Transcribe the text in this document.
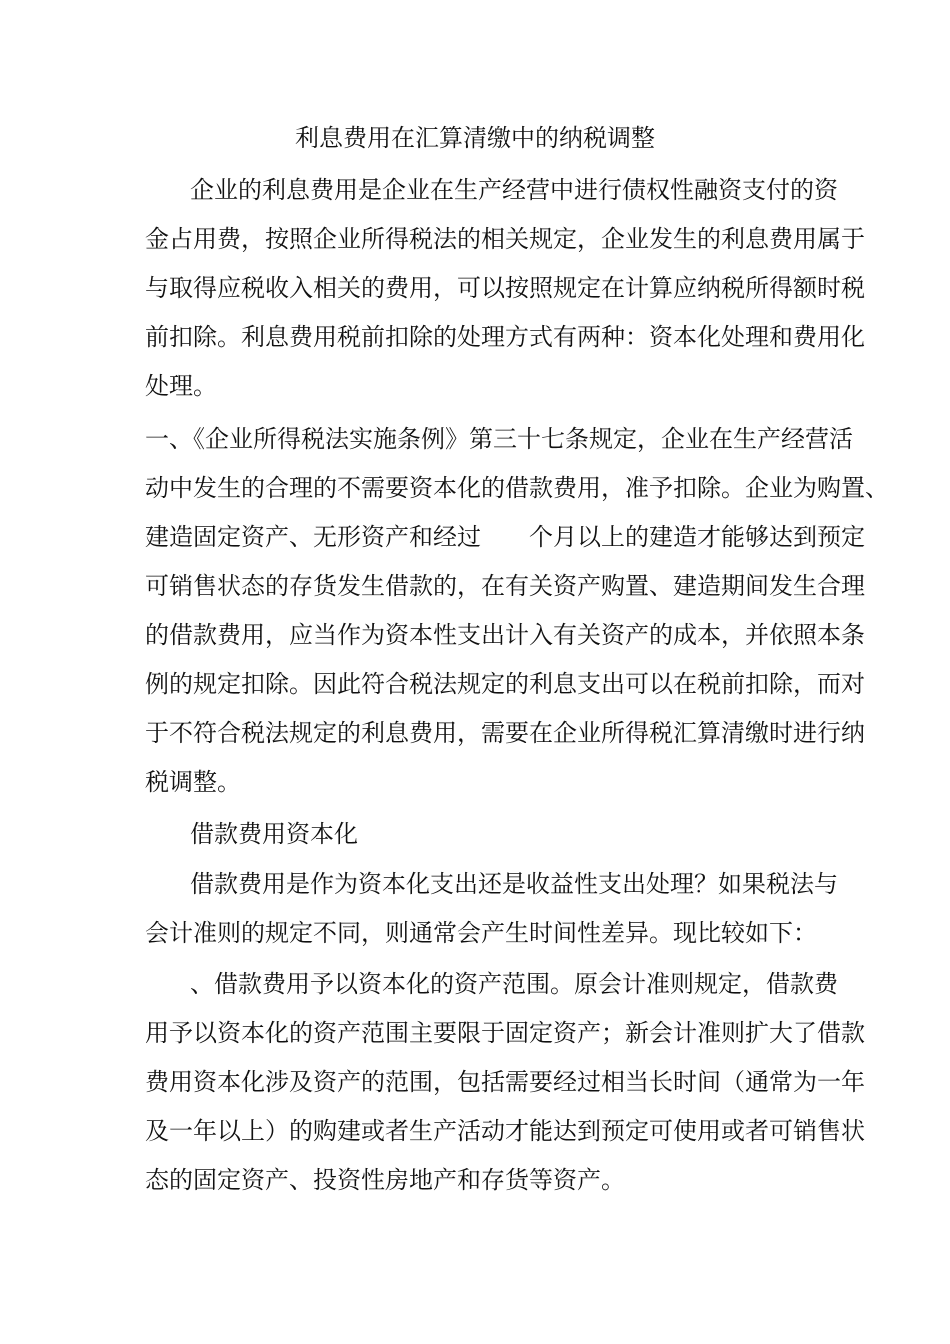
利息费用在汇算清缴中的纳税调整

企业的利息费用是企业在生产经营中进行债权性融资支付的资

金占用费，按照企业所得税法的相关规定，企业发生的利息费用属于

与取得应税收入相关的费用，可以按照规定在计算应纳税所得额时税

前扣除。利息费用税前扣除的处理方式有两种：资本化处理和费用化

处理。

一、《企业所得税法实施条例》第三十七条规定，企业在生产经营活

动中发生的合理的不需要资本化的借款费用，准予扣除。企业为购置、

建造固定资产、无形资产和经过　　个月以上的建造才能够达到预定

可销售状态的存货发生借款的，在有关资产购置、建造期间发生合理

的借款费用，应当作为资本性支出计入有关资产的成本，并依照本条

例的规定扣除。因此符合税法规定的利息支出可以在税前扣除，而对

于不符合税法规定的利息费用，需要在企业所得税汇算清缴时进行纳

税调整。

借款费用资本化

借款费用是作为资本化支出还是收益性支出处理？如果税法与

会计准则的规定不同，则通常会产生时间性差异。现比较如下：

、借款费用予以资本化的资产范围。原会计准则规定，借款费

用予以资本化的资产范围主要限于固定资产；新会计准则扩大了借款

费用资本化涉及资产的范围，包括需要经过相当长时间（通常为一年

及一年以上）的购建或者生产活动才能达到预定可使用或者可销售状

态的固定资产、投资性房地产和存货等资产。
